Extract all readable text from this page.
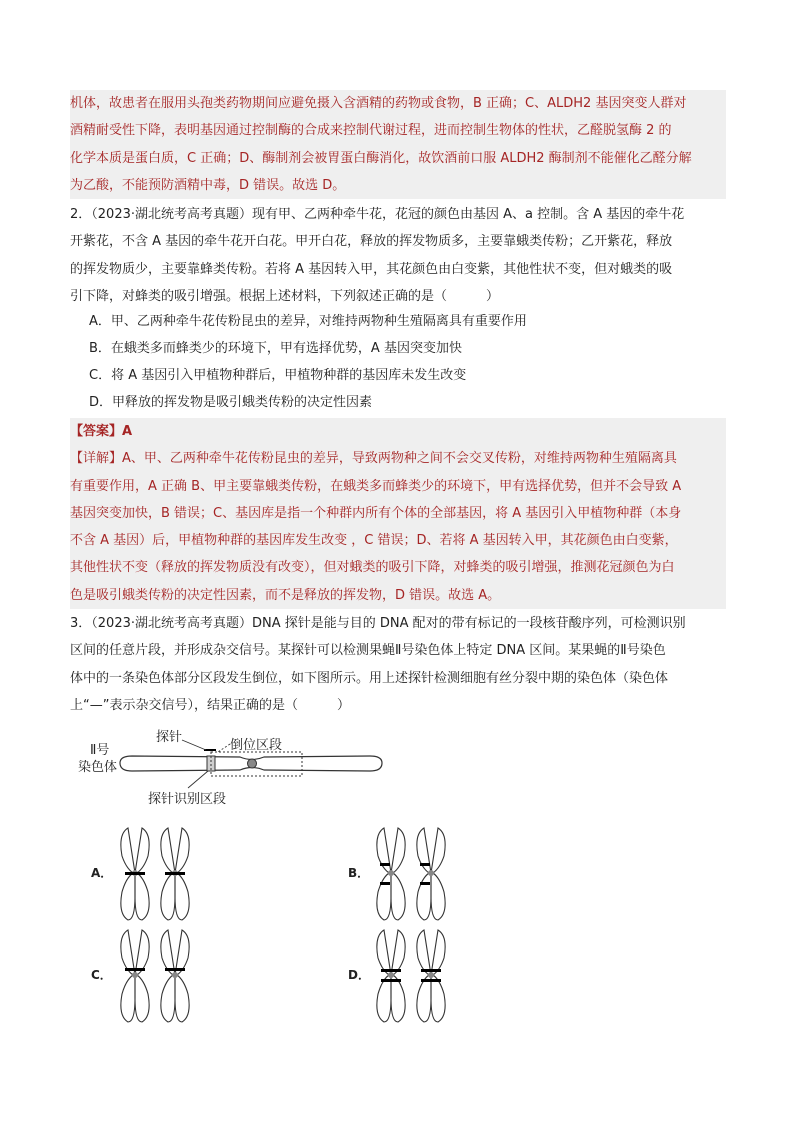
机体，故患者在服用头孢类药物期间应避免摄入含酒精的药物或食物，B 正确；C、ALDH2 基因突变人群对
酒精耐受性下降，表明基因通过控制酶的合成来控制代谢过程，进而控制生物体的性状，乙醛脱氢酶 2 的
化学本质是蛋白质，C 正确；D、酶制剂会被胃蛋白酶消化，故饮酒前口服 ALDH2 酶制剂不能催化乙醛分解
为乙酸，不能预防酒精中毒，D 错误。故选 D。
2．（2023·湖北统考高考真题）现有甲、乙两种牵牛花，花冠的颜色由基因 A、a 控制。含 A 基因的牵牛花
开紫花，不含 A 基因的牵牛花开白花。甲开白花，释放的挥发物质多，主要靠蛾类传粉；乙开紫花，释放
的挥发物质少，主要靠蜂类传粉。若将 A 基因转入甲，其花颜色由白变紫，其他性状不变，但对蛾类的吸
引下降，对蜂类的吸引增强。根据上述材料，下列叙述正确的是（　　　）
A．甲、乙两种牵牛花传粉昆虫的差异，对维持两物种生殖隔离具有重要作用
B．在蛾类多而蜂类少的环境下，甲有选择优势，A 基因突变加快
C．将 A 基因引入甲植物种群后，甲植物种群的基因库未发生改变
D．甲释放的挥发物是吸引蛾类传粉的决定性因素
【答案】A
【详解】A、甲、乙两种牵牛花传粉昆虫的差异，导致两物种之间不会交叉传粉，对维持两物种生殖隔离具
有重要作用，A 正确 B、甲主要靠蛾类传粉，在蛾类多而蜂类少的环境下，甲有选择优势，但并不会导致 A
基因突变加快，B 错误；C、基因库是指一个种群内所有个体的全部基因，将 A 基因引入甲植物种群（本身
不含 A 基因）后，甲植物种群的基因库发生改变 ，C 错误；D、若将 A 基因转入甲，其花颜色由白变紫，
其他性状不变（释放的挥发物质没有改变），但对蛾类的吸引下降，对蜂类的吸引增强，推测花冠颜色为白
色是吸引蛾类传粉的决定性因素，而不是释放的挥发物，D 错误。故选 A。
3．（2023·湖北统考高考真题）DNA 探针是能与目的 DNA 配对的带有标记的一段核苷酸序列，可检测识别
区间的任意片段，并形成杂交信号。某探针可以检测果蝇Ⅱ号染色体上特定 DNA 区间。某果蝇的Ⅱ号染色
体中的一条染色体部分区段发生倒位，如下图所示。用上述探针检测细胞有丝分裂中期的染色体（染色体
上“—”表示杂交信号），结果正确的是（　　　）
探针
倒位区段
Ⅱ号
染色体
探针识别区段
A．	B．
C．	D．
